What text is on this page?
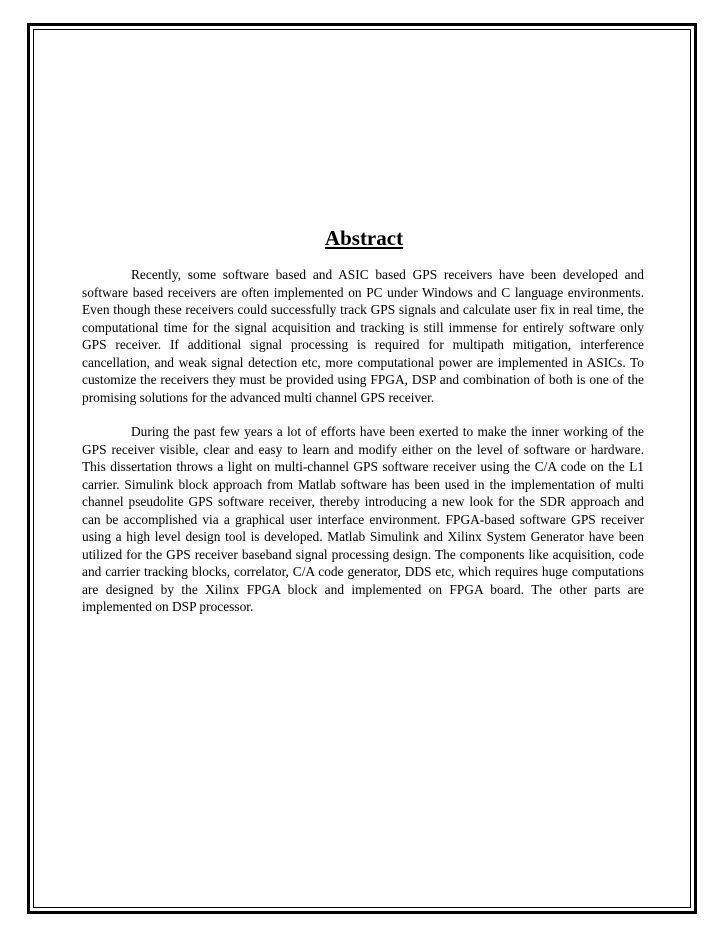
Abstract

Recently, some software based and ASIC based GPS receivers have been developed and software based receivers are often implemented on PC under Windows and C language environments. Even though these receivers could successfully track GPS signals and calculate user fix in real time, the computational time for the signal acquisition and tracking is still immense for entirely software only GPS receiver. If additional signal processing is required for multipath mitigation, interference cancellation, and weak signal detection etc, more computational power are implemented in ASICs. To customize the receivers they must be provided using FPGA, DSP and combination of both is one of the promising solutions for the advanced multi channel GPS receiver.

During the past few years a lot of efforts have been exerted to make the inner working of the GPS receiver visible, clear and easy to learn and modify either on the level of software or hardware. This dissertation throws a light on multi-channel GPS software receiver using the C/A code on the L1 carrier. Simulink block approach from Matlab software has been used in the implementation of multi channel pseudolite GPS software receiver, thereby introducing a new look for the SDR approach and can be accomplished via a graphical user interface environment. FPGA-based software GPS receiver using a high level design tool is developed. Matlab Simulink and Xilinx System Generator have been utilized for the GPS receiver baseband signal processing design. The components like acquisition, code and carrier tracking blocks, correlator, C/A code generator, DDS etc, which requires huge computations are designed by the Xilinx FPGA block and implemented on FPGA board. The other parts are implemented on DSP processor.
